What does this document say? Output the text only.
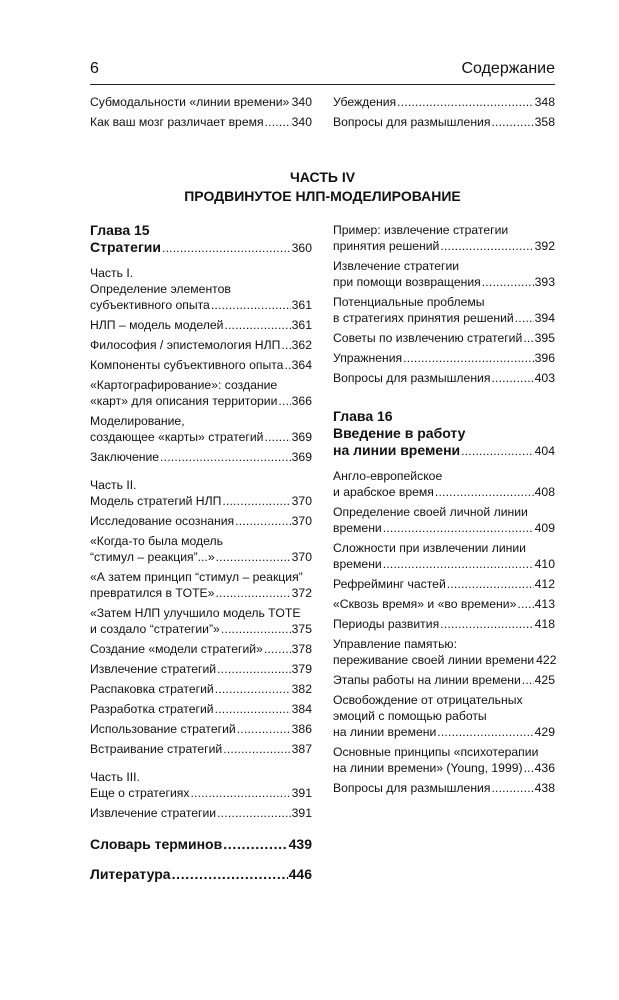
6	Содержание
Субмодальности «линии времени» . . . 340
Как ваш мозг различает время . . . 340
Убеждения . . .	348
Вопросы для размышления . . .	358
ЧАСТЬ IV
ПРОДВИНУТОЕ НЛП-МОДЕЛИРОВАНИЕ
Глава 15
Стратегии . . .	360
Часть I.
Определение элементов
субъективного опыта . . .	361
НЛП – модель моделей . . .	361
Философия / эпистемология НЛП . . . 362
Компоненты субъективного опыта . . . 364
«Картографирование»: создание
«карт» для описания территории . . . 366
Моделирование,
создающее «карты» стратегий . . . 369
Заключение . . .	369
Часть II.
Модель стратегий НЛП . . .	370
Исследование осознания . . .	370
«Когда-то была модель
“стимул – реакция”...» . . .	370
«А затем принцип “стимул – реакция”
превратился в TOTE» . . .	372
«Затем НЛП улучшило модель TOTE
и создало “стратегии”» . . .	375
Создание «модели стратегий» . . . 378
Извлечение стратегий . . .	379
Распаковка стратегий . . .	382
Разработка стратегий . . .	384
Использование стратегий . . .	386
Встраивание стратегий . . .	387
Часть III.
Еще о стратегиях . . .	391
Извлечение стратегии . . .	391
Словарь терминов . . .	439
Литература . . .	446
Пример: извлечение стратегии
принятия решений . . .	392
Извлечение стратегии
при помощи возвращения . . .	393
Потенциальные проблемы
в стратегиях принятия решений . . . 394
Советы по извлечению стратегий . . . 395
Упражнения . . .	396
Вопросы для размышления . . .	403
Глава 16
Введение в работу
на линии времени . . .	404
Англо-европейское
и арабское время . . .	408
Определение своей личной линии
времени . . .	409
Сложности при извлечении линии
времени . . .	410
Рефрейминг частей . . .	412
«Сквозь время» и «во времени» . . . 413
Периоды развития . . .	418
Управление памятью:
переживание своей линии времени 422
Этапы работы на линии времени . . . 425
Освобождение от отрицательных
эмоций с помощью работы
на линии времени . . .	429
Основные принципы «психотерапии
на линии времени» (Young, 1999) . . . 436
Вопросы для размышления . . .	438
